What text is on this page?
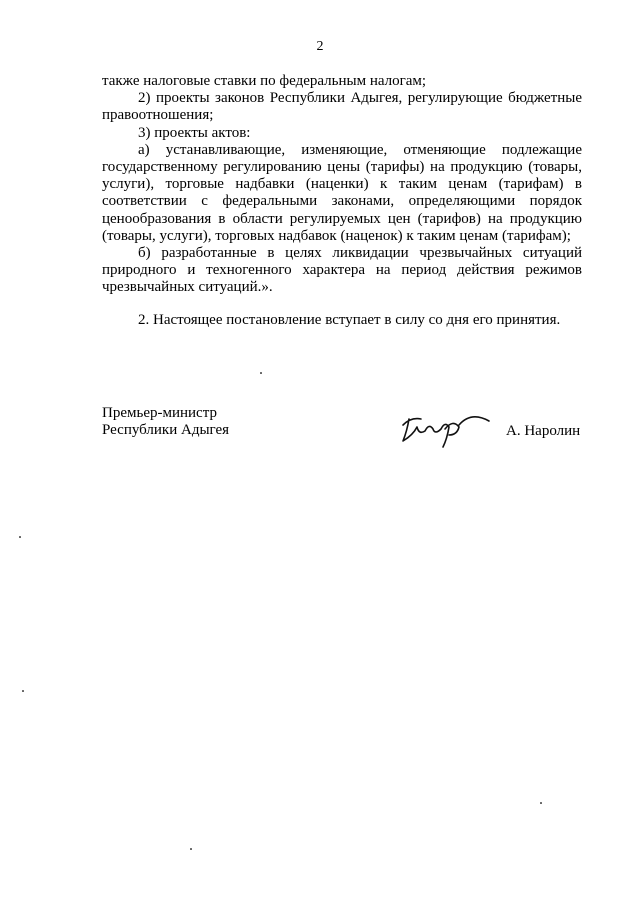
2

также налоговые ставки по федеральным налогам;

2) проекты законов Республики Адыгея, регулирующие бюджетные правоотношения;

3) проекты актов:

а) устанавливающие, изменяющие, отменяющие подлежащие государственному регулированию цены (тарифы) на продукцию (товары, услуги), торговые надбавки (наценки) к таким ценам (тарифам) в соответствии с федеральными законами, определяющими порядок ценообразования в области регулируемых цен (тарифов) на продукцию (товары, услуги), торговых надбавок (наценок) к таким ценам (тарифам);

б) разработанные в целях ликвидации чрезвычайных ситуаций природного и техногенного характера на период действия режимов чрезвычайных ситуаций.».

2. Настоящее постановление вступает в силу со дня его принятия.

Премьер-министр
Республики Адыгея	А. Наролин
